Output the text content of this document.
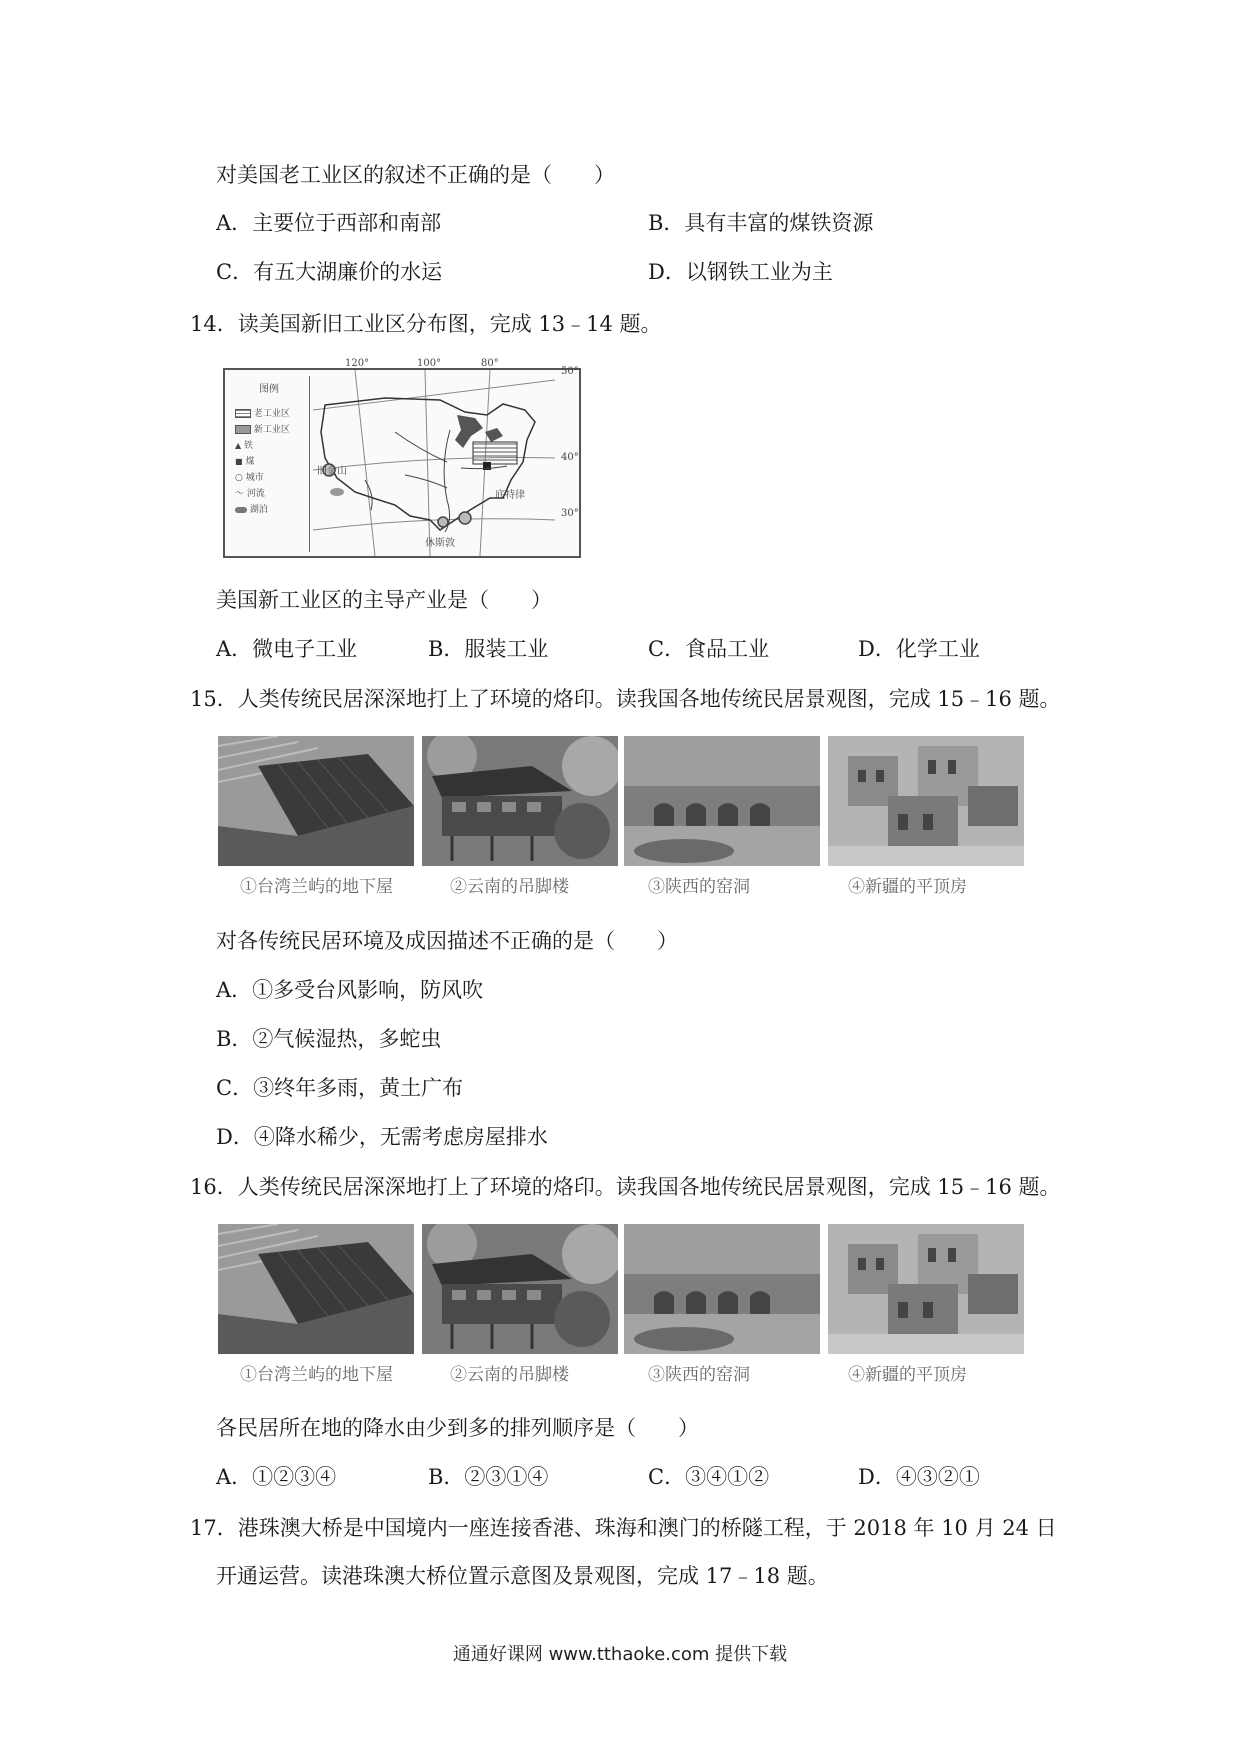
对美国老工业区的叙述不正确的是（　　）
A．主要位于西部和南部	B．具有丰富的煤铁资源
C．有五大湖廉价的水运	D．以钢铁工业为主
14．读美国新旧工业区分布图，完成 13﹣14 题。
图例
老工业区
新工业区
▲ 铁
■ 煤
○ 城市
〜 河流
湖泊
120°	100°	80°
50°
40°
30°
旧金山
底特律
休斯敦
美国新工业区的主导产业是（　　）
A．微电子工业	B．服装工业	C．食品工业	D．化学工业
15．人类传统民居深深地打上了环境的烙印。读我国各地传统民居景观图，完成 15﹣16 题。
①台湾兰屿的地下屋	②云南的吊脚楼	③陕西的窑洞	④新疆的平顶房
对各传统民居环境及成因描述不正确的是（　　）
A．①多受台风影响，防风吹
B．②气候湿热，多蛇虫
C．③终年多雨，黄土广布
D．④降水稀少，无需考虑房屋排水
16．人类传统民居深深地打上了环境的烙印。读我国各地传统民居景观图，完成 15﹣16 题。
①台湾兰屿的地下屋	②云南的吊脚楼	③陕西的窑洞	④新疆的平顶房
各民居所在地的降水由少到多的排列顺序是（　　）
A．①②③④	B．②③①④	C．③④①②	D．④③②①
17．港珠澳大桥是中国境内一座连接香港、珠海和澳门的桥隧工程，于 2018 年 10 月 24 日
开通运营。读港珠澳大桥位置示意图及景观图，完成 17﹣18 题。
通通好课网 www.tthaoke.com 提供下载
